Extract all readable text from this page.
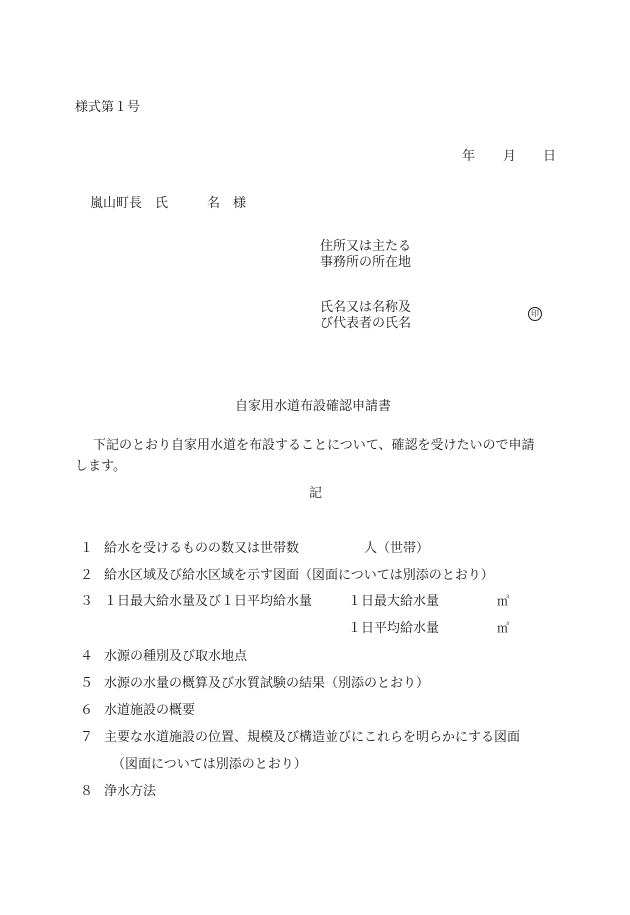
様式第１号
年 月 日
嵐山町長　氏　　　名　様
住所又は主たる
事務所の所在地
氏名又は名称及
び代表者の氏名
印
自家用水道布設確認申請書
下記のとおり自家用水道を布設することについて、確認を受けたいので申請
します。
記
１ 給水を受けるものの数又は世帯数　　　　　人（世帯）
２ 給水区域及び給水区域を示す図面（図面については別添のとおり）
３ １日最大給水量及び１日平均給水量	１日最大給水量	㎥
１日平均給水量	㎥
４ 水源の種別及び取水地点
５ 水源の水量の概算及び水質試験の結果（別添のとおり）
６ 水道施設の概要
７ 主要な水道施設の位置、規模及び構造並びにこれらを明らかにする図面
（図面については別添のとおり）
８ 浄水方法
